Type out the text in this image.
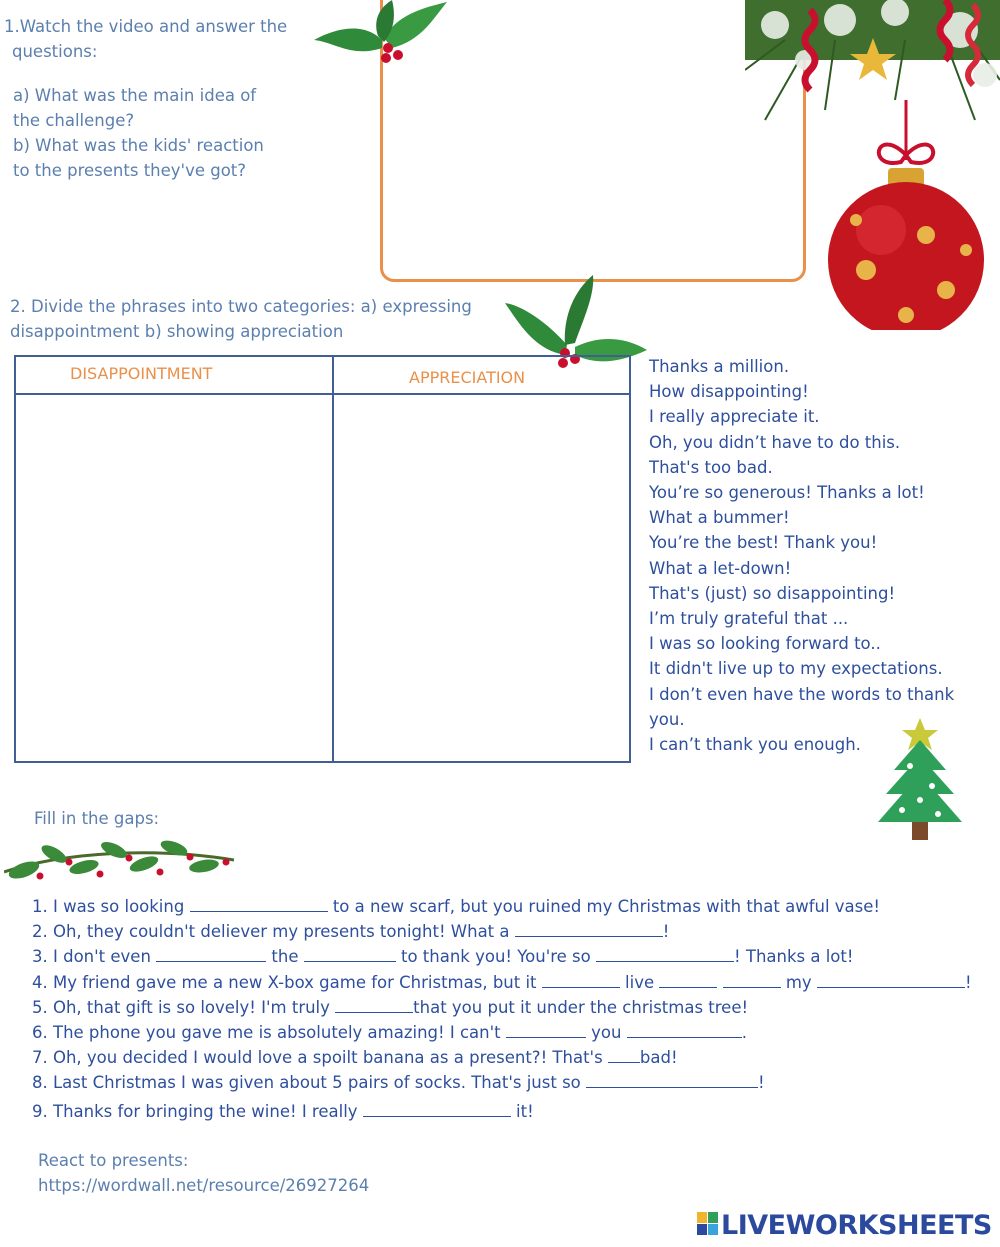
1.Watch the video and answer the
questions:
a) What was the main idea of
the challenge?
b) What was the kids' reaction
to the presents they've got?
2. Divide the phrases into two categories: a) expressing
disappointment b) showing appreciation
DISAPPOINTMENT	APPRECIATION
Thanks a million.
How disappointing!
I really appreciate it.
Oh, you didn’t have to do this.
That's too bad.
You’re so generous! Thanks a lot!
What a bummer!
You’re the best! Thank you!
What a let-down!
That's (just) so disappointing!
I’m truly grateful that ...
I was so looking forward to..
It didn't live up to my expectations.
I don’t even have the words to thank
you.
I can’t thank you enough.
Fill in the gaps:
1. I was so looking	to a new scarf, but you ruined my Christmas with that awful vase!
2. Oh, they couldn't deliever my presents tonight! What a	!
3. I don't even	the	to thank you! You're so	! Thanks a lot!
4. My friend gave me a new X-box game for Christmas, but it	live	my	!
5. Oh, that gift is so lovely! I'm truly	that you put it under the christmas tree!
6. The phone you gave me is absolutely amazing! I can't	you	.
7. Oh, you decided I would love a spoilt banana as a present?! That's bad!
8. Last Christmas I was given about 5 pairs of socks. That's just so	!
9. Thanks for bringing the wine! I really	it!
React to presents:
https://wordwall.net/resource/26927264
LIVEWORKSHEETS
